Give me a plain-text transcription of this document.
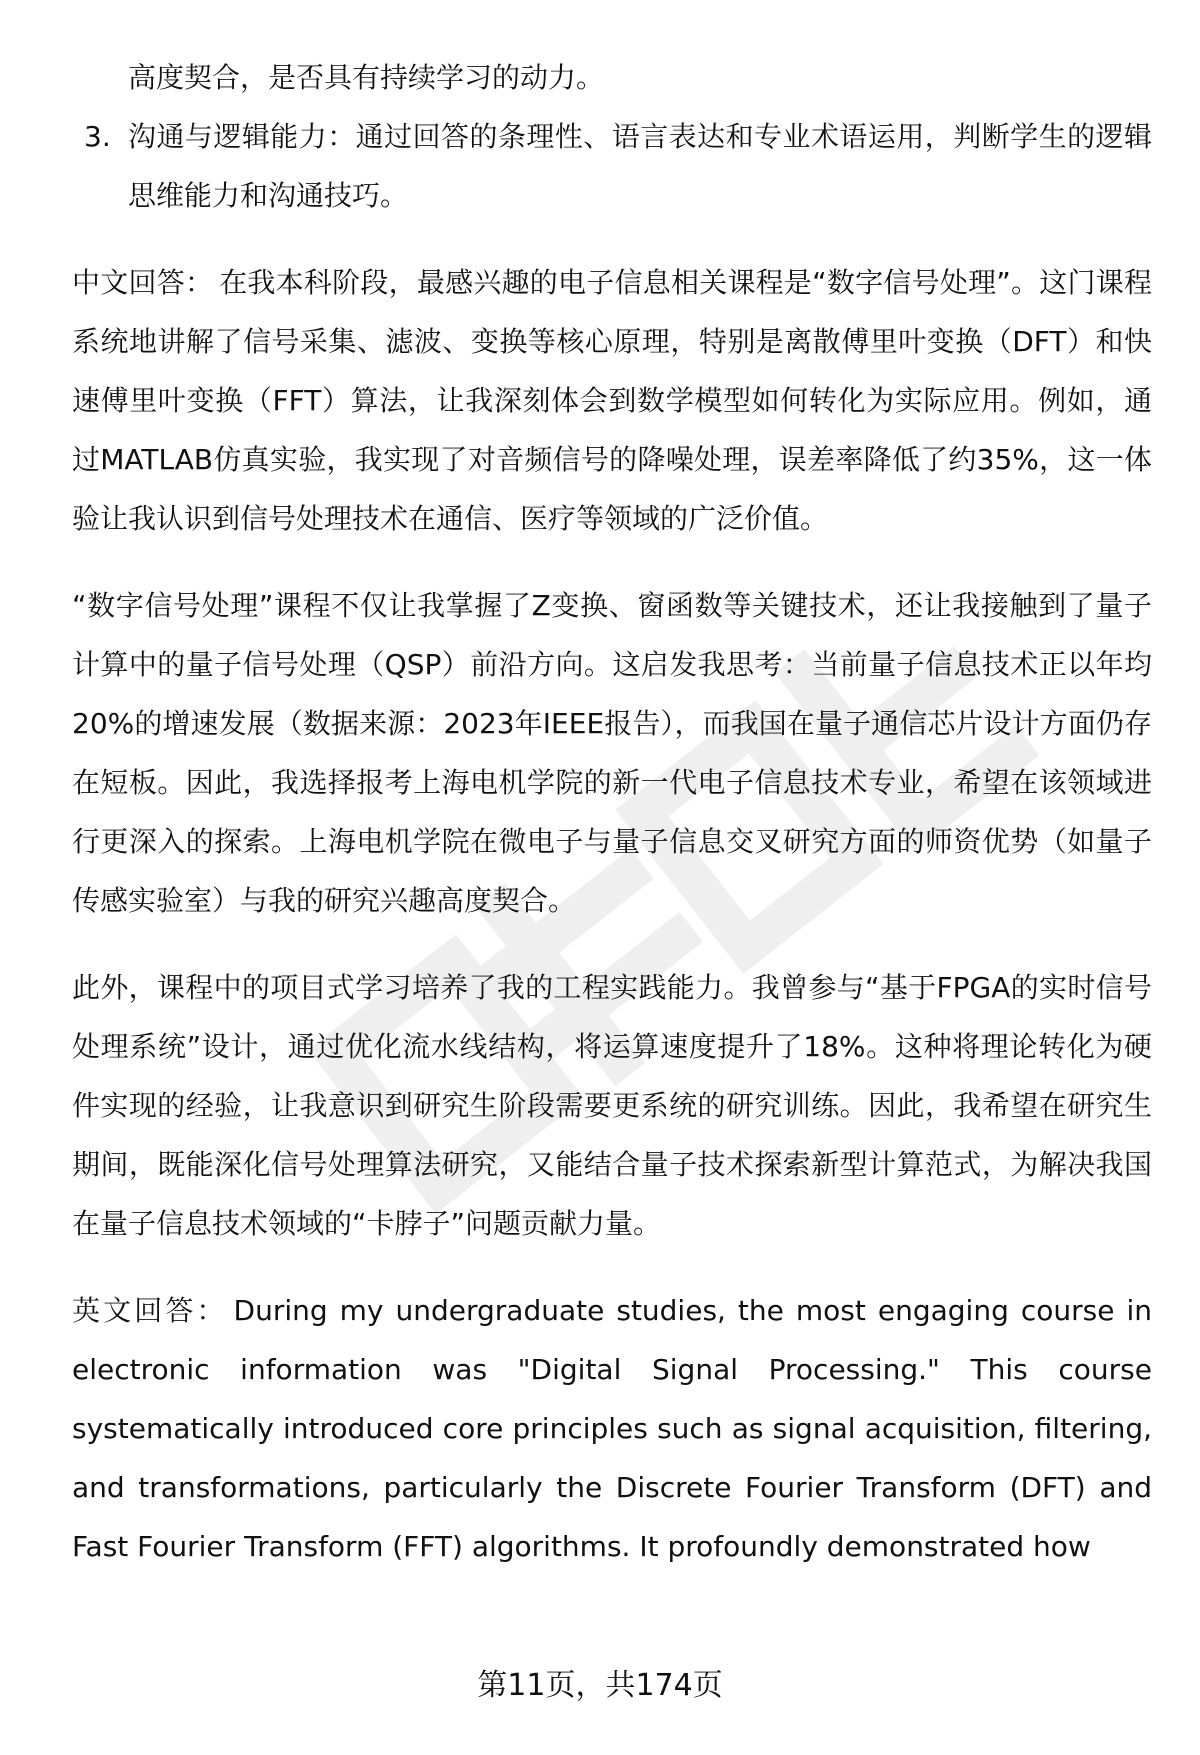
高度契合，是否具有持续学习的动力。

3. 沟通与逻辑能力：通过回答的条理性、语言表达和专业术语运用，判断学生的逻辑思维能力和沟通技巧。

中文回答： 在我本科阶段，最感兴趣的电子信息相关课程是“数字信号处理”。这门课程系统地讲解了信号采集、滤波、变换等核心原理，特别是离散傅里叶变换（DFT）和快速傅里叶变换（FFT）算法，让我深刻体会到数学模型如何转化为实际应用。例如，通过MATLAB仿真实验，我实现了对音频信号的降噪处理，误差率降低了约35%，这一体验让我认识到信号处理技术在通信、医疗等领域的广泛价值。

“数字信号处理”课程不仅让我掌握了Z变换、窗函数等关键技术，还让我接触到了量子计算中的量子信号处理（QSP）前沿方向。这启发我思考：当前量子信息技术正以年均20%的增速发展（数据来源：2023年IEEE报告），而我国在量子通信芯片设计方面仍存在短板。因此，我选择报考上海电机学院的新一代电子信息技术专业，希望在该领域进行更深入的探索。上海电机学院在微电子与量子信息交叉研究方面的师资优势（如量子传感实验室）与我的研究兴趣高度契合。

此外，课程中的项目式学习培养了我的工程实践能力。我曾参与“基于FPGA的实时信号处理系统”设计，通过优化流水线结构，将运算速度提升了18%。这种将理论转化为硬件实现的经验，让我意识到研究生阶段需要更系统的研究训练。因此，我希望在研究生期间，既能深化信号处理算法研究，又能结合量子技术探索新型计算范式，为解决我国在量子信息技术领域的“卡脖子”问题贡献力量。

英文回答： During my undergraduate studies, the most engaging course in electronic information was "Digital Signal Processing." This course systematically introduced core principles such as signal acquisition, filtering, and transformations, particularly the Discrete Fourier Transform (DFT) and Fast Fourier Transform (FFT) algorithms. It profoundly demonstrated how

第11页，共174页
